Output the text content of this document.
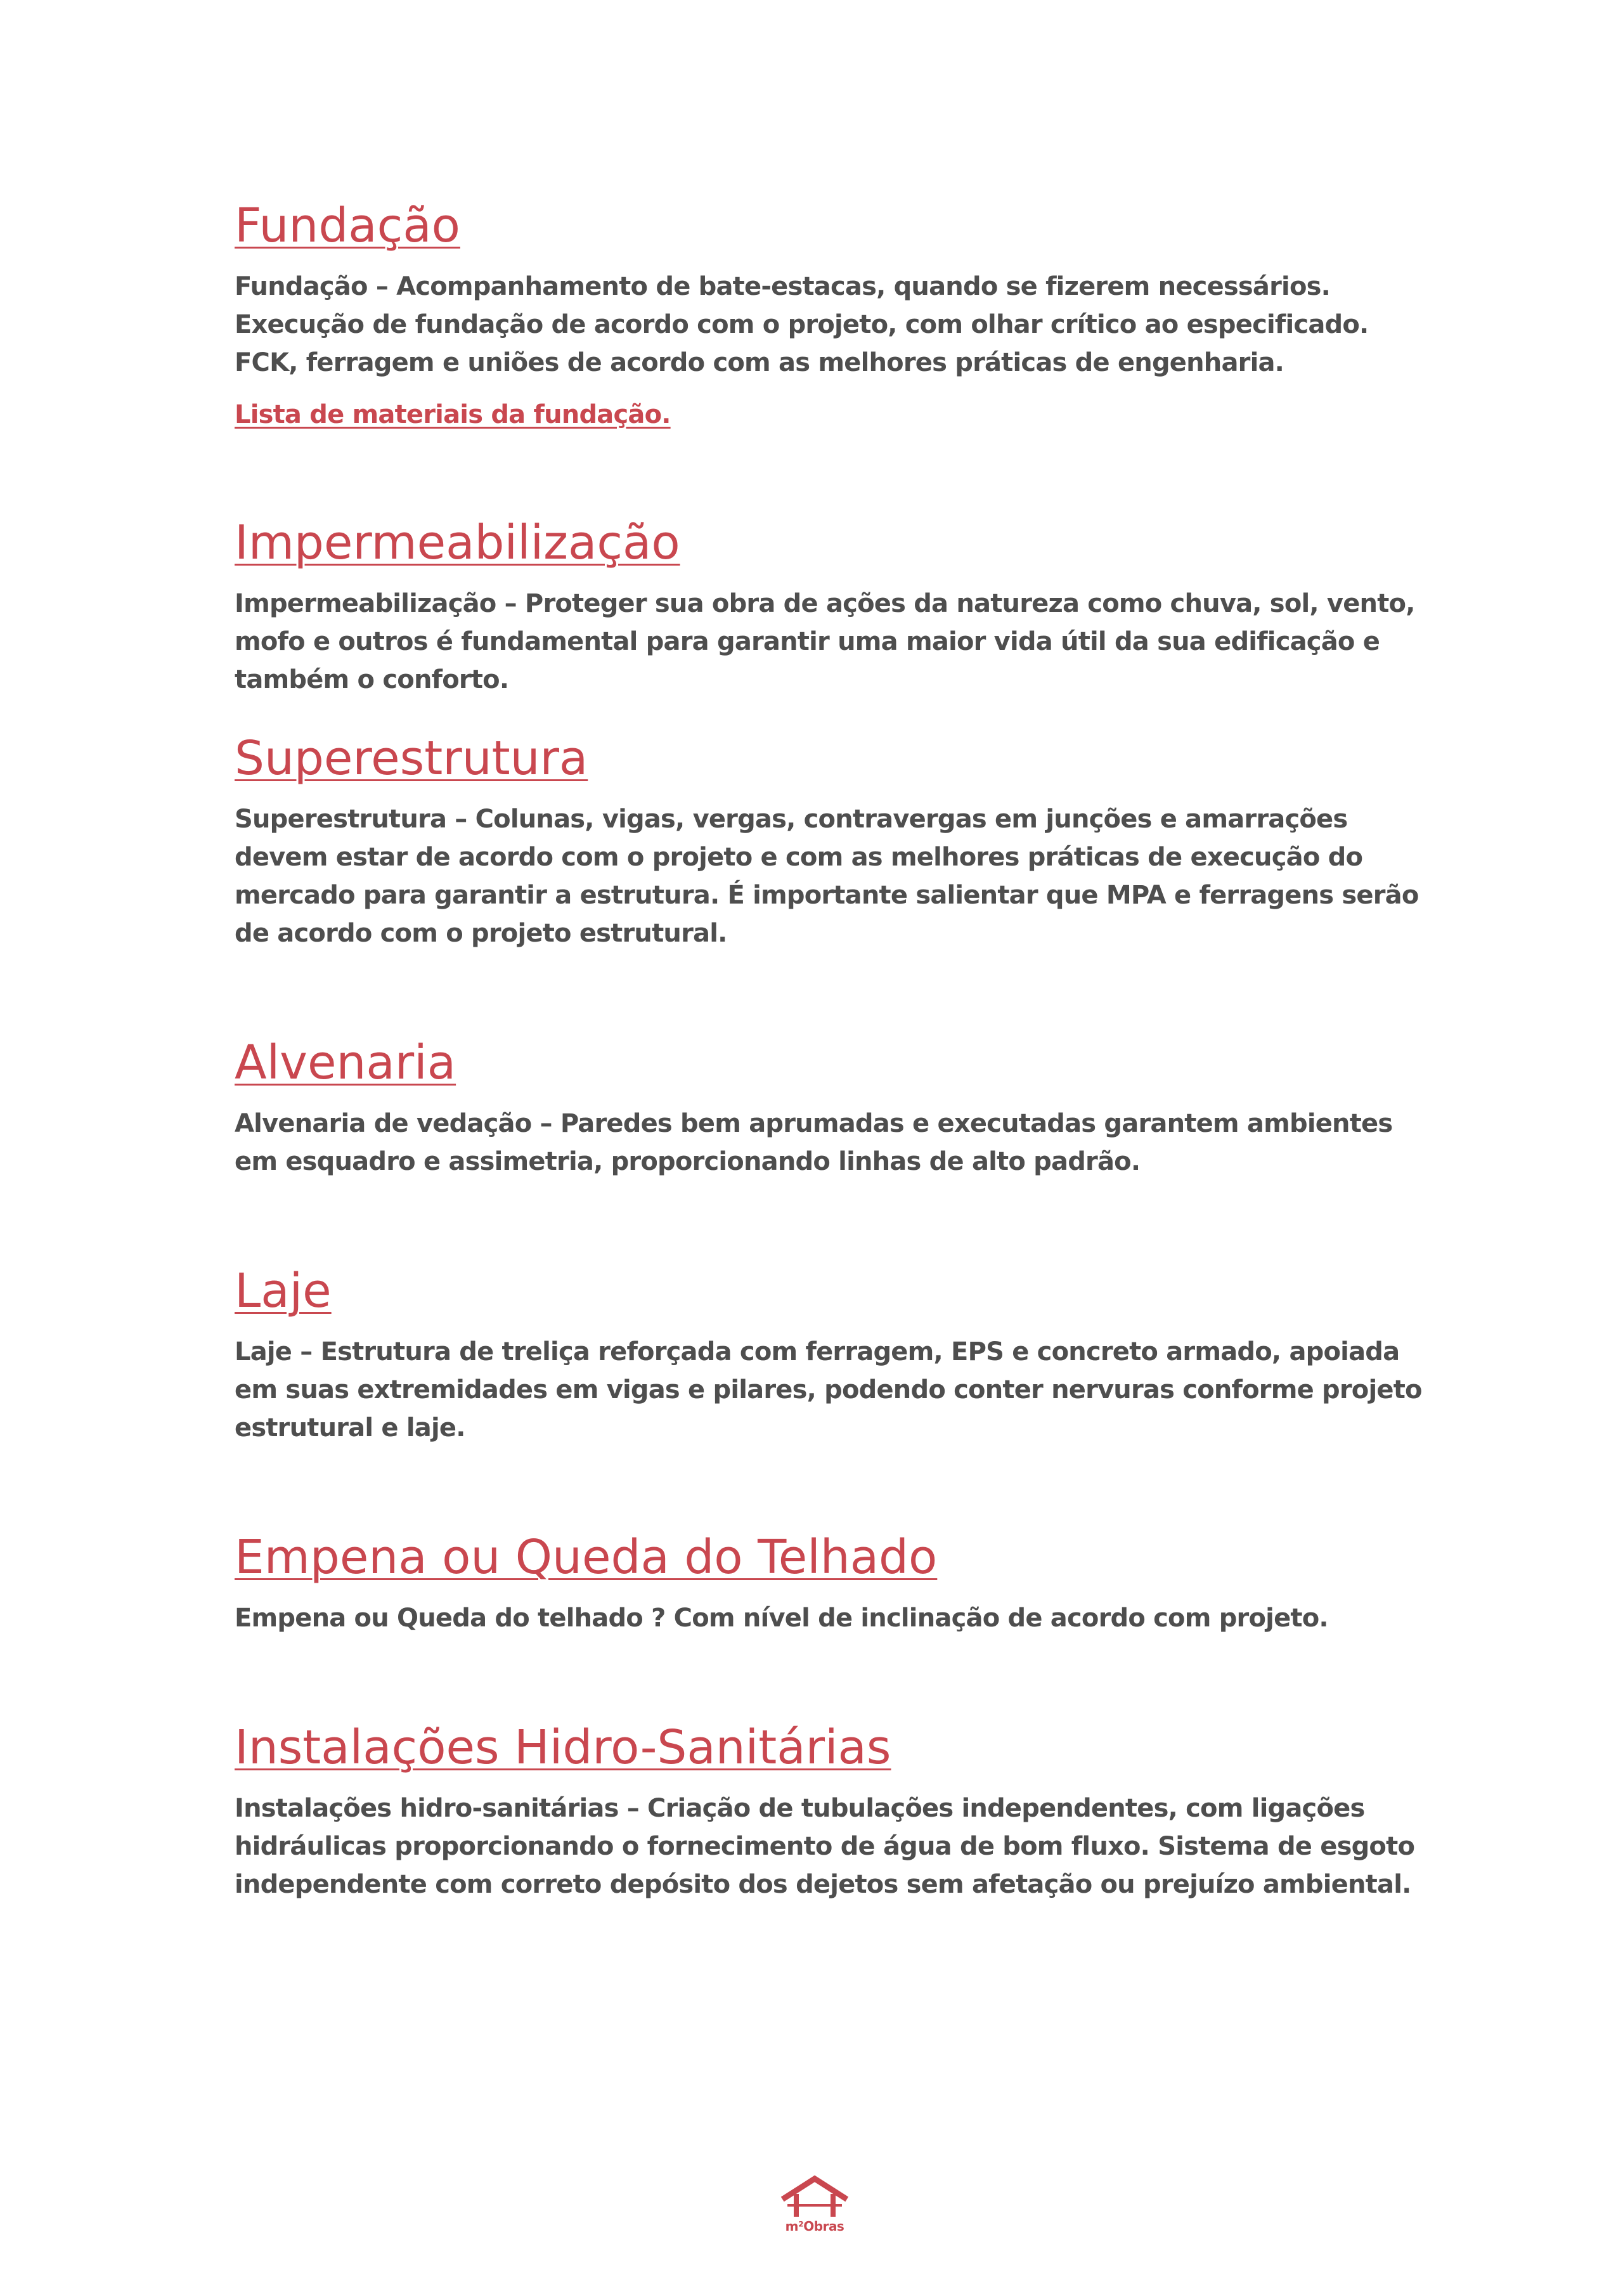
Fundação
Fundação – Acompanhamento de bate-estacas, quando se fizerem necessários.
Execução de fundação de acordo com o projeto, com olhar crítico ao especificado.
FCK, ferragem e uniões de acordo com as melhores práticas de engenharia.
Lista de materiais da fundação.
Impermeabilização
Impermeabilização – Proteger sua obra de ações da natureza como chuva, sol, vento,
mofo e outros é fundamental para garantir uma maior vida útil da sua edificação e
também o conforto.
Superestrutura
Superestrutura – Colunas, vigas, vergas, contravergas em junções e amarrações
devem estar de acordo com o projeto e com as melhores práticas de execução do
mercado para garantir a estrutura. É importante salientar que MPA e ferragens serão
de acordo com o projeto estrutural.
Alvenaria
Alvenaria de vedação – Paredes bem aprumadas e executadas garantem ambientes
em esquadro e assimetria, proporcionando linhas de alto padrão.
Laje
Laje – Estrutura de treliça reforçada com ferragem, EPS e concreto armado, apoiada
em suas extremidades em vigas e pilares, podendo conter nervuras conforme projeto
estrutural e laje.
Empena ou Queda do Telhado
Empena ou Queda do telhado ? Com nível de inclinação de acordo com projeto.
Instalações Hidro-Sanitárias
Instalações hidro-sanitárias – Criação de tubulações independentes, com ligações
hidráulicas proporcionando o fornecimento de água de bom fluxo. Sistema de esgoto
independente com correto depósito dos dejetos sem afetação ou prejuízo ambiental.
m²Obras
